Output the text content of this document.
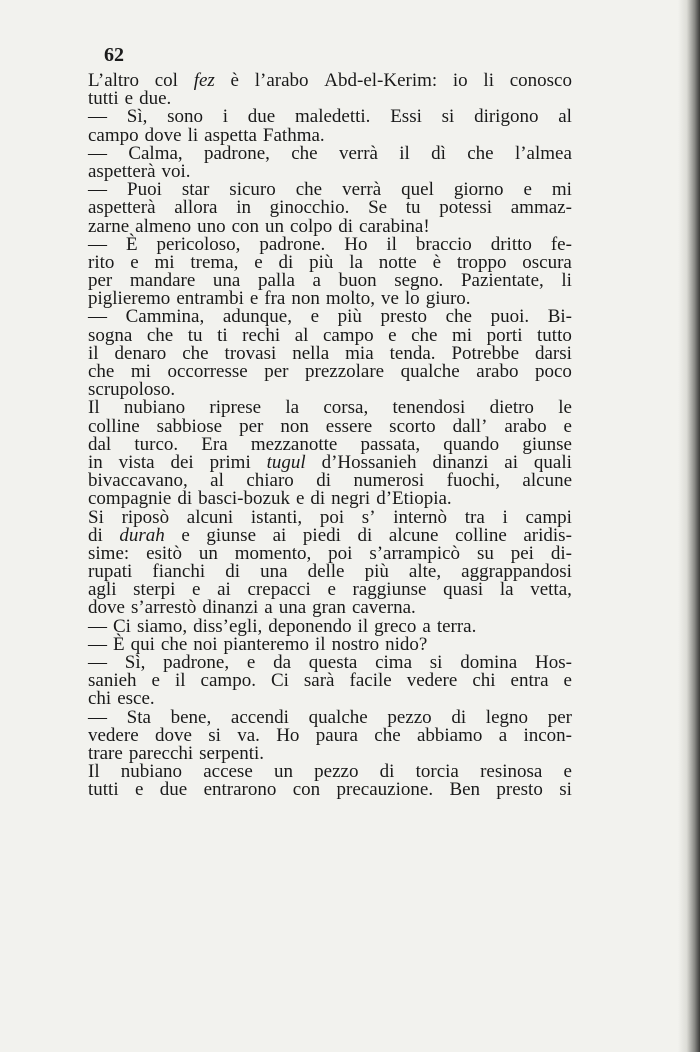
62
L’altro col fez è l’arabo Abd-el-Kerim: io li conosco
tutti e due.
— Sì, sono i due maledetti. Essi si dirigono al
campo dove li aspetta Fathma.
— Calma, padrone, che verrà il dì che l’almea
aspetterà voi.
— Puoi star sicuro che verrà quel giorno e mi
aspetterà allora in ginocchio. Se tu potessi ammaz-
zarne almeno uno con un colpo di carabina!
— È pericoloso, padrone. Ho il braccio dritto fe-
rito e mi trema, e di più la notte è troppo oscura
per mandare una palla a buon segno. Pazientate, li
piglieremo entrambi e fra non molto, ve lo giuro.
— Cammina, adunque, e più presto che puoi. Bi-
sogna che tu ti rechi al campo e che mi porti tutto
il denaro che trovasi nella mia tenda. Potrebbe darsi
che mi occorresse per prezzolare qualche arabo poco
scrupoloso.
Il nubiano riprese la corsa, tenendosi dietro le
colline sabbiose per non essere scorto dall’ arabo e
dal turco. Era mezzanotte passata, quando giunse
in vista dei primi tugul d’Hossanieh dinanzi ai quali
bivaccavano, al chiaro di numerosi fuochi, alcune
compagnie di basci-bozuk e di negri d’Etiopia.
Si riposò alcuni istanti, poi s’ internò tra i campi
di durah e giunse ai piedi di alcune colline aridis-
sime: esitò un momento, poi s’arrampicò su pei di-
rupati fianchi di una delle più alte, aggrappandosi
agli sterpi e ai crepacci e raggiunse quasi la vetta,
dove s’arrestò dinanzi a una gran caverna.
— Ci siamo, diss’egli, deponendo il greco a terra.
— È qui che noi pianteremo il nostro nido?
— Sì, padrone, e da questa cima si domina Hos-
sanieh e il campo. Ci sarà facile vedere chi entra e
chi esce.
— Sta bene, accendi qualche pezzo di legno per
vedere dove si va. Ho paura che abbiamo a incon-
trare parecchi serpenti.
Il nubiano accese un pezzo di torcia resinosa e
tutti e due entrarono con precauzione. Ben presto si
